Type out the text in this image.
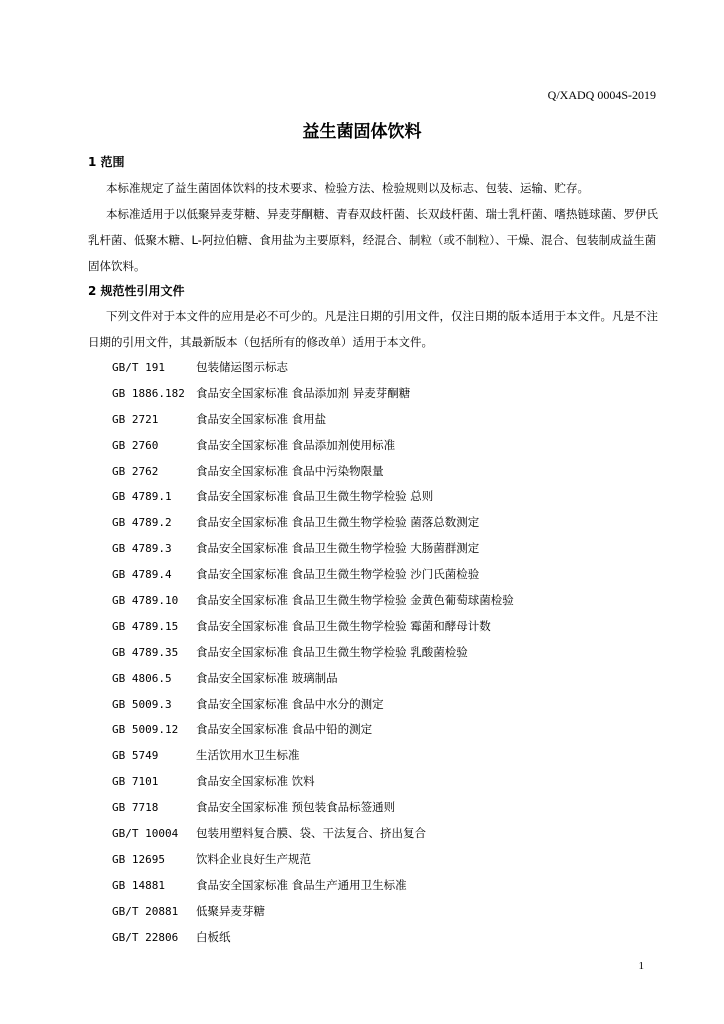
Q/XADQ 0004S-2019
益生菌固体饮料
1 范围
本标准规定了益生菌固体饮料的技术要求、检验方法、检验规则以及标志、包装、运输、贮存。
本标准适用于以低聚异麦芽糖、异麦芽酮糖、青春双歧杆菌、长双歧杆菌、瑞士乳杆菌、嗜热链球菌、罗伊氏乳杆菌、低聚木糖、L-阿拉伯糖、食用盐为主要原料，经混合、制粒（或不制粒）、干燥、混合、包装制成益生菌固体饮料。
2 规范性引用文件
下列文件对于本文件的应用是必不可少的。凡是注日期的引用文件，仅注日期的版本适用于本文件。凡是不注日期的引用文件，其最新版本（包括所有的修改单）适用于本文件。
GB/T 191	包装储运图示标志
GB 1886.182 食品安全国家标准 食品添加剂 异麦芽酮糖
GB 2721	食品安全国家标准 食用盐
GB 2760	食品安全国家标准 食品添加剂使用标准
GB 2762	食品安全国家标准 食品中污染物限量
GB 4789.1	食品安全国家标准 食品卫生微生物学检验 总则
GB 4789.2	食品安全国家标准 食品卫生微生物学检验 菌落总数测定
GB 4789.3	食品安全国家标准 食品卫生微生物学检验 大肠菌群测定
GB 4789.4	食品安全国家标准 食品卫生微生物学检验 沙门氏菌检验
GB 4789.10	食品安全国家标准 食品卫生微生物学检验 金黄色葡萄球菌检验
GB 4789.15	食品安全国家标准 食品卫生微生物学检验 霉菌和酵母计数
GB 4789.35	食品安全国家标准 食品卫生微生物学检验 乳酸菌检验
GB 4806.5	食品安全国家标准 玻璃制品
GB 5009.3	食品安全国家标准 食品中水分的测定
GB 5009.12	食品安全国家标准 食品中铅的测定
GB 5749	生活饮用水卫生标准
GB 7101	食品安全国家标准 饮料
GB 7718	食品安全国家标准 预包装食品标签通则
GB/T 10004	包装用塑料复合膜、袋、干法复合、挤出复合
GB 12695	饮料企业良好生产规范
GB 14881	食品安全国家标准 食品生产通用卫生标准
GB/T 20881	低聚异麦芽糖
GB/T 22806	白板纸
1
